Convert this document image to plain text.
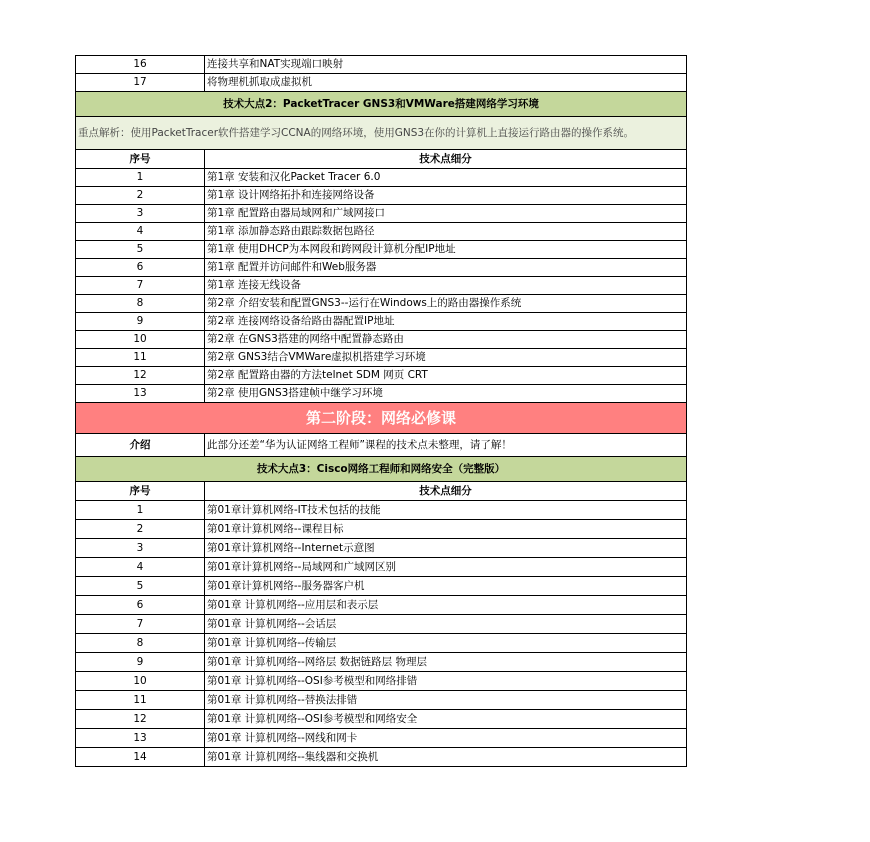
16	连接共享和NAT实现端口映射
17	将物理机抓取成虚拟机
技术大点2：PacketTracer GNS3和VMWare搭建网络学习环境	
重点解析：使用PacketTracer软件搭建学习CCNA的网络环境，使用GNS3在你的计算机上直接运行路由器的操作系统。	
序号	技术点细分
1	第1章 安装和汉化Packet Tracer 6.0
2	第1章 设计网络拓扑和连接网络设备
3	第1章 配置路由器局域网和广域网接口
4	第1章 添加静态路由跟踪数据包路径
5	第1章 使用DHCP为本网段和跨网段计算机分配IP地址
6	第1章 配置并访问邮件和Web服务器
7	第1章 连接无线设备
8	第2章 介绍安装和配置GNS3--运行在Windows上的路由器操作系统
9	第2章 连接网络设备给路由器配置IP地址
10	第2章 在GNS3搭建的网络中配置静态路由
11	第2章 GNS3结合VMWare虚拟机搭建学习环境
12	第2章 配置路由器的方法telnet SDM 网页 CRT
13	第2章 使用GNS3搭建帧中继学习环境
第二阶段：网络必修课	
介绍	此部分还差“华为认证网络工程师”课程的技术点未整理，请了解！
技术大点3：Cisco网络工程师和网络安全（完整版）	
序号	技术点细分
1	第01章计算机网络-IT技术包括的技能
2	第01章计算机网络--课程目标
3	第01章计算机网络--Internet示意图
4	第01章计算机网络--局域网和广域网区别
5	第01章计算机网络--服务器客户机
6	第01章 计算机网络--应用层和表示层
7	第01章 计算机网络--会话层
8	第01章 计算机网络--传输层
9	第01章 计算机网络--网络层 数据链路层 物理层
10	第01章 计算机网络--OSI参考模型和网络排错
11	第01章 计算机网络--替换法排错
12	第01章 计算机网络--OSI参考模型和网络安全
13	第01章 计算机网络--网线和网卡
14	第01章 计算机网络--集线器和交换机
